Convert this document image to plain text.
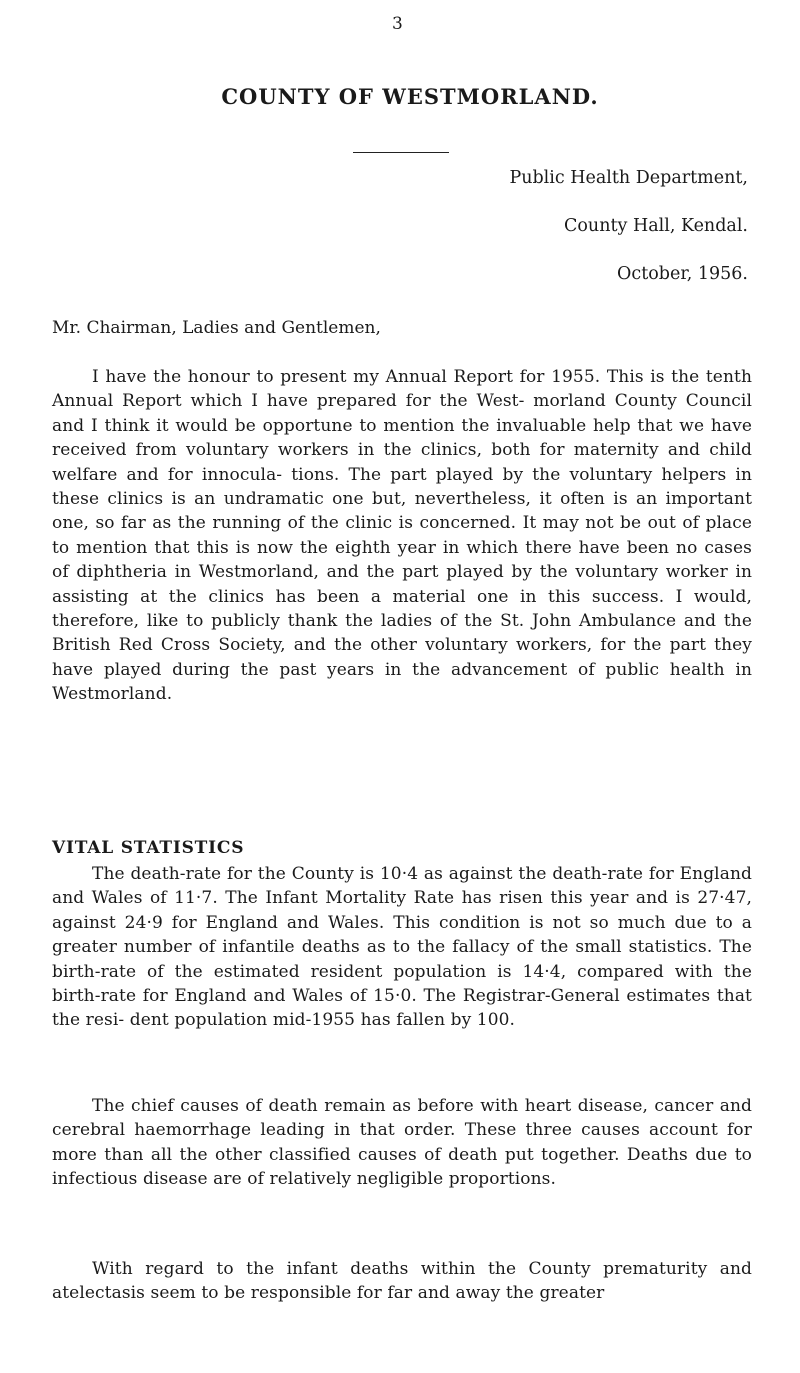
3
COUNTY OF WESTMORLAND.
Public Health Department,
County Hall, Kendal.
October, 1956.
Mr. Chairman, Ladies and Gentlemen,

I have the honour to present my Annual Report for 1955. This is the tenth Annual Report which I have prepared for the West- morland County Council and I think it would be opportune to mention the invaluable help that we have received from voluntary workers in the clinics, both for maternity and child welfare and for innocula- tions. The part played by the voluntary helpers in these clinics is an undramatic one but, nevertheless, it often is an important one, so far as the running of the clinic is concerned. It may not be out of place to mention that this is now the eighth year in which there have been no cases of diphtheria in Westmorland, and the part played by the voluntary worker in assisting at the clinics has been a material one in this success. I would, therefore, like to publicly thank the ladies of the St. John Ambulance and the British Red Cross Society, and the other voluntary workers, for the part they have played during the past years in the advancement of public health in Westmorland.

VITAL STATISTICS

The death-rate for the County is 10·4 as against the death-rate for England and Wales of 11·7. The Infant Mortality Rate has risen this year and is 27·47, against 24·9 for England and Wales. This condition is not so much due to a greater number of infantile deaths as to the fallacy of the small statistics. The birth-rate of the estimated resident population is 14·4, compared with the birth-rate for England and Wales of 15·0. The Registrar-General estimates that the resi- dent population mid-1955 has fallen by 100.

The chief causes of death remain as before with heart disease, cancer and cerebral haemorrhage leading in that order. These three causes account for more than all the other classified causes of death put together. Deaths due to infectious disease are of relatively negligible proportions.

With regard to the infant deaths within the County prematurity and atelectasis seem to be responsible for far and away the greater
